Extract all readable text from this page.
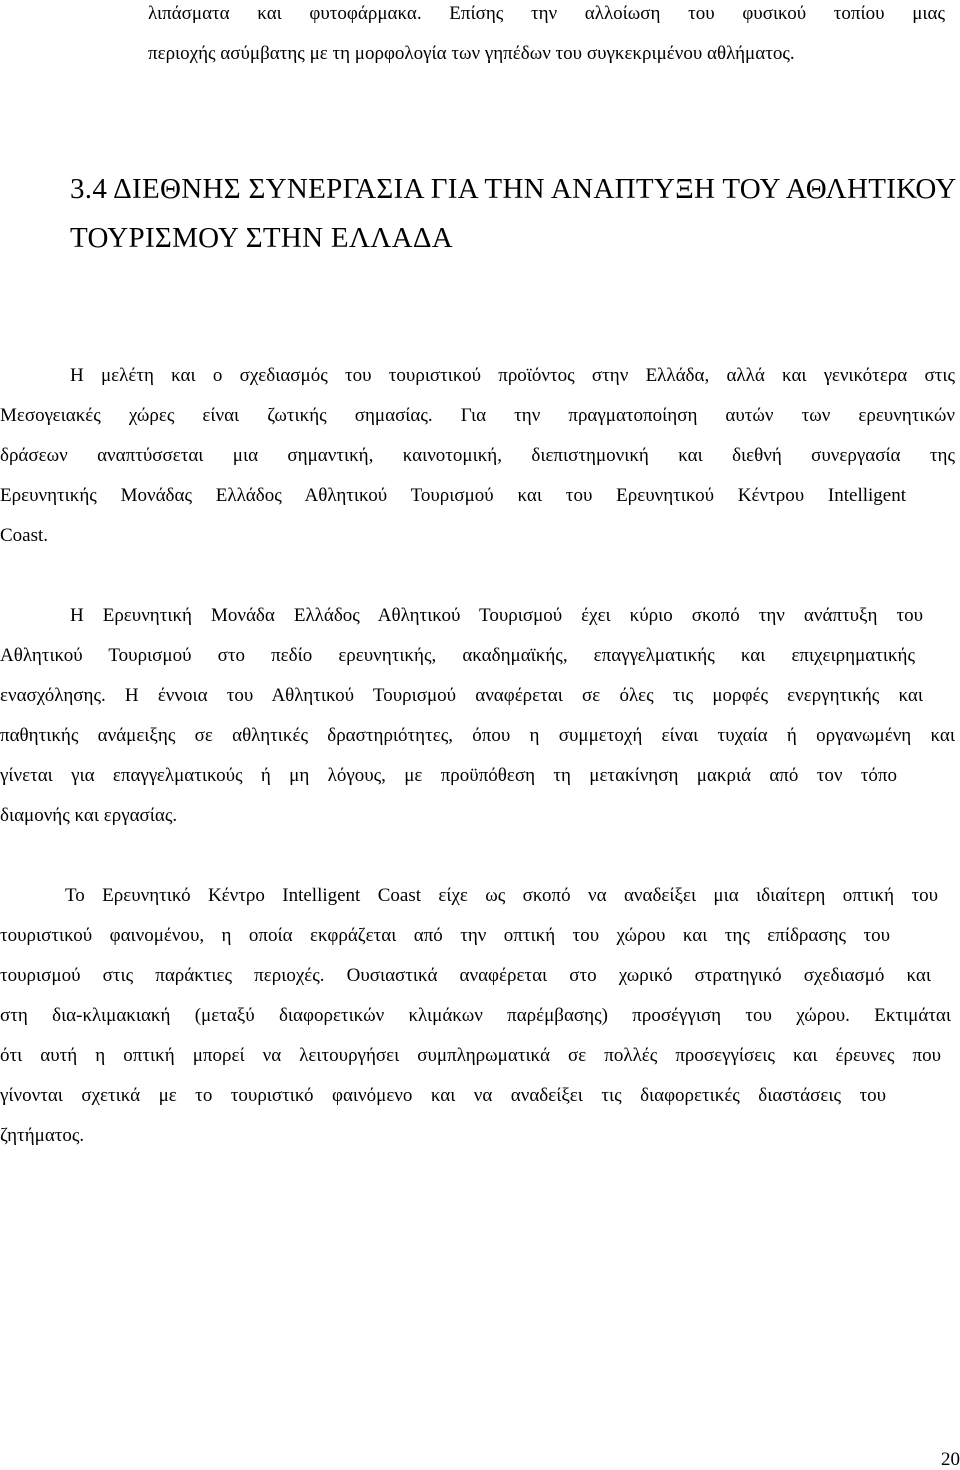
λιπάσματα και φυτοφάρμακα. Επίσης την αλλοίωση του φυσικού τοπίου μιας

περιοχής ασύμβατης με τη μορφολογία των γηπέδων του συγκεκριμένου αθλήματος.

3.4 ΔΙΕΘΝΗΣ ΣΥΝΕΡΓΑΣΙΑ ΓΙΑ ΤΗΝ ΑΝΑΠΤΥΞΗ ΤΟΥ ΑΘΛΗΤΙΚΟΥ

ΤΟΥΡΙΣΜΟΥ ΣΤΗΝ ΕΛΛΑΔΑ

Η μελέτη και ο σχεδιασμός του τουριστικού προϊόντος στην Ελλάδα, αλλά και γενικότερα στις

Μεσογειακές χώρες είναι ζωτικής σημασίας. Για την πραγματοποίηση αυτών των ερευνητικών

δράσεων αναπτύσσεται μια σημαντική, καινοτομική, διεπιστημονική και διεθνή συνεργασία της

Ερευνητικής Μονάδας Ελλάδος Αθλητικού Τουρισμού και του Ερευνητικού Κέντρου Intelligent

Coast.

Η Ερευνητική Μονάδα Ελλάδος Αθλητικού Τουρισμού έχει κύριο σκοπό την ανάπτυξη του

Αθλητικού Τουρισμού στο πεδίο ερευνητικής, ακαδημαϊκής, επαγγελματικής και επιχειρηματικής

ενασχόλησης. Η έννοια του Αθλητικού Τουρισμού αναφέρεται σε όλες τις μορφές ενεργητικής και

παθητικής ανάμειξης σε αθλητικές δραστηριότητες, όπου η συμμετοχή είναι τυχαία ή οργανωμένη και

γίνεται για επαγγελματικούς ή μη λόγους, με προϋπόθεση τη μετακίνηση μακριά από τον τόπο

διαμονής και εργασίας.

Το Ερευνητικό Κέντρο Intelligent Coast είχε ως σκοπό να αναδείξει μια ιδιαίτερη οπτική του

τουριστικού φαινομένου, η οποία εκφράζεται από την οπτική του χώρου και της επίδρασης του

τουρισμού στις παράκτιες περιοχές. Ουσιαστικά αναφέρεται στο χωρικό στρατηγικό σχεδιασμό και

στη δια-κλιμακιακή (μεταξύ διαφορετικών κλιμάκων παρέμβασης) προσέγγιση του χώρου. Εκτιμάται

ότι αυτή η οπτική μπορεί να λειτουργήσει συμπληρωματικά σε πολλές προσεγγίσεις και έρευνες που

γίνονται σχετικά με το τουριστικό φαινόμενο και να αναδείξει τις διαφορετικές διαστάσεις του

ζητήματος.

20
